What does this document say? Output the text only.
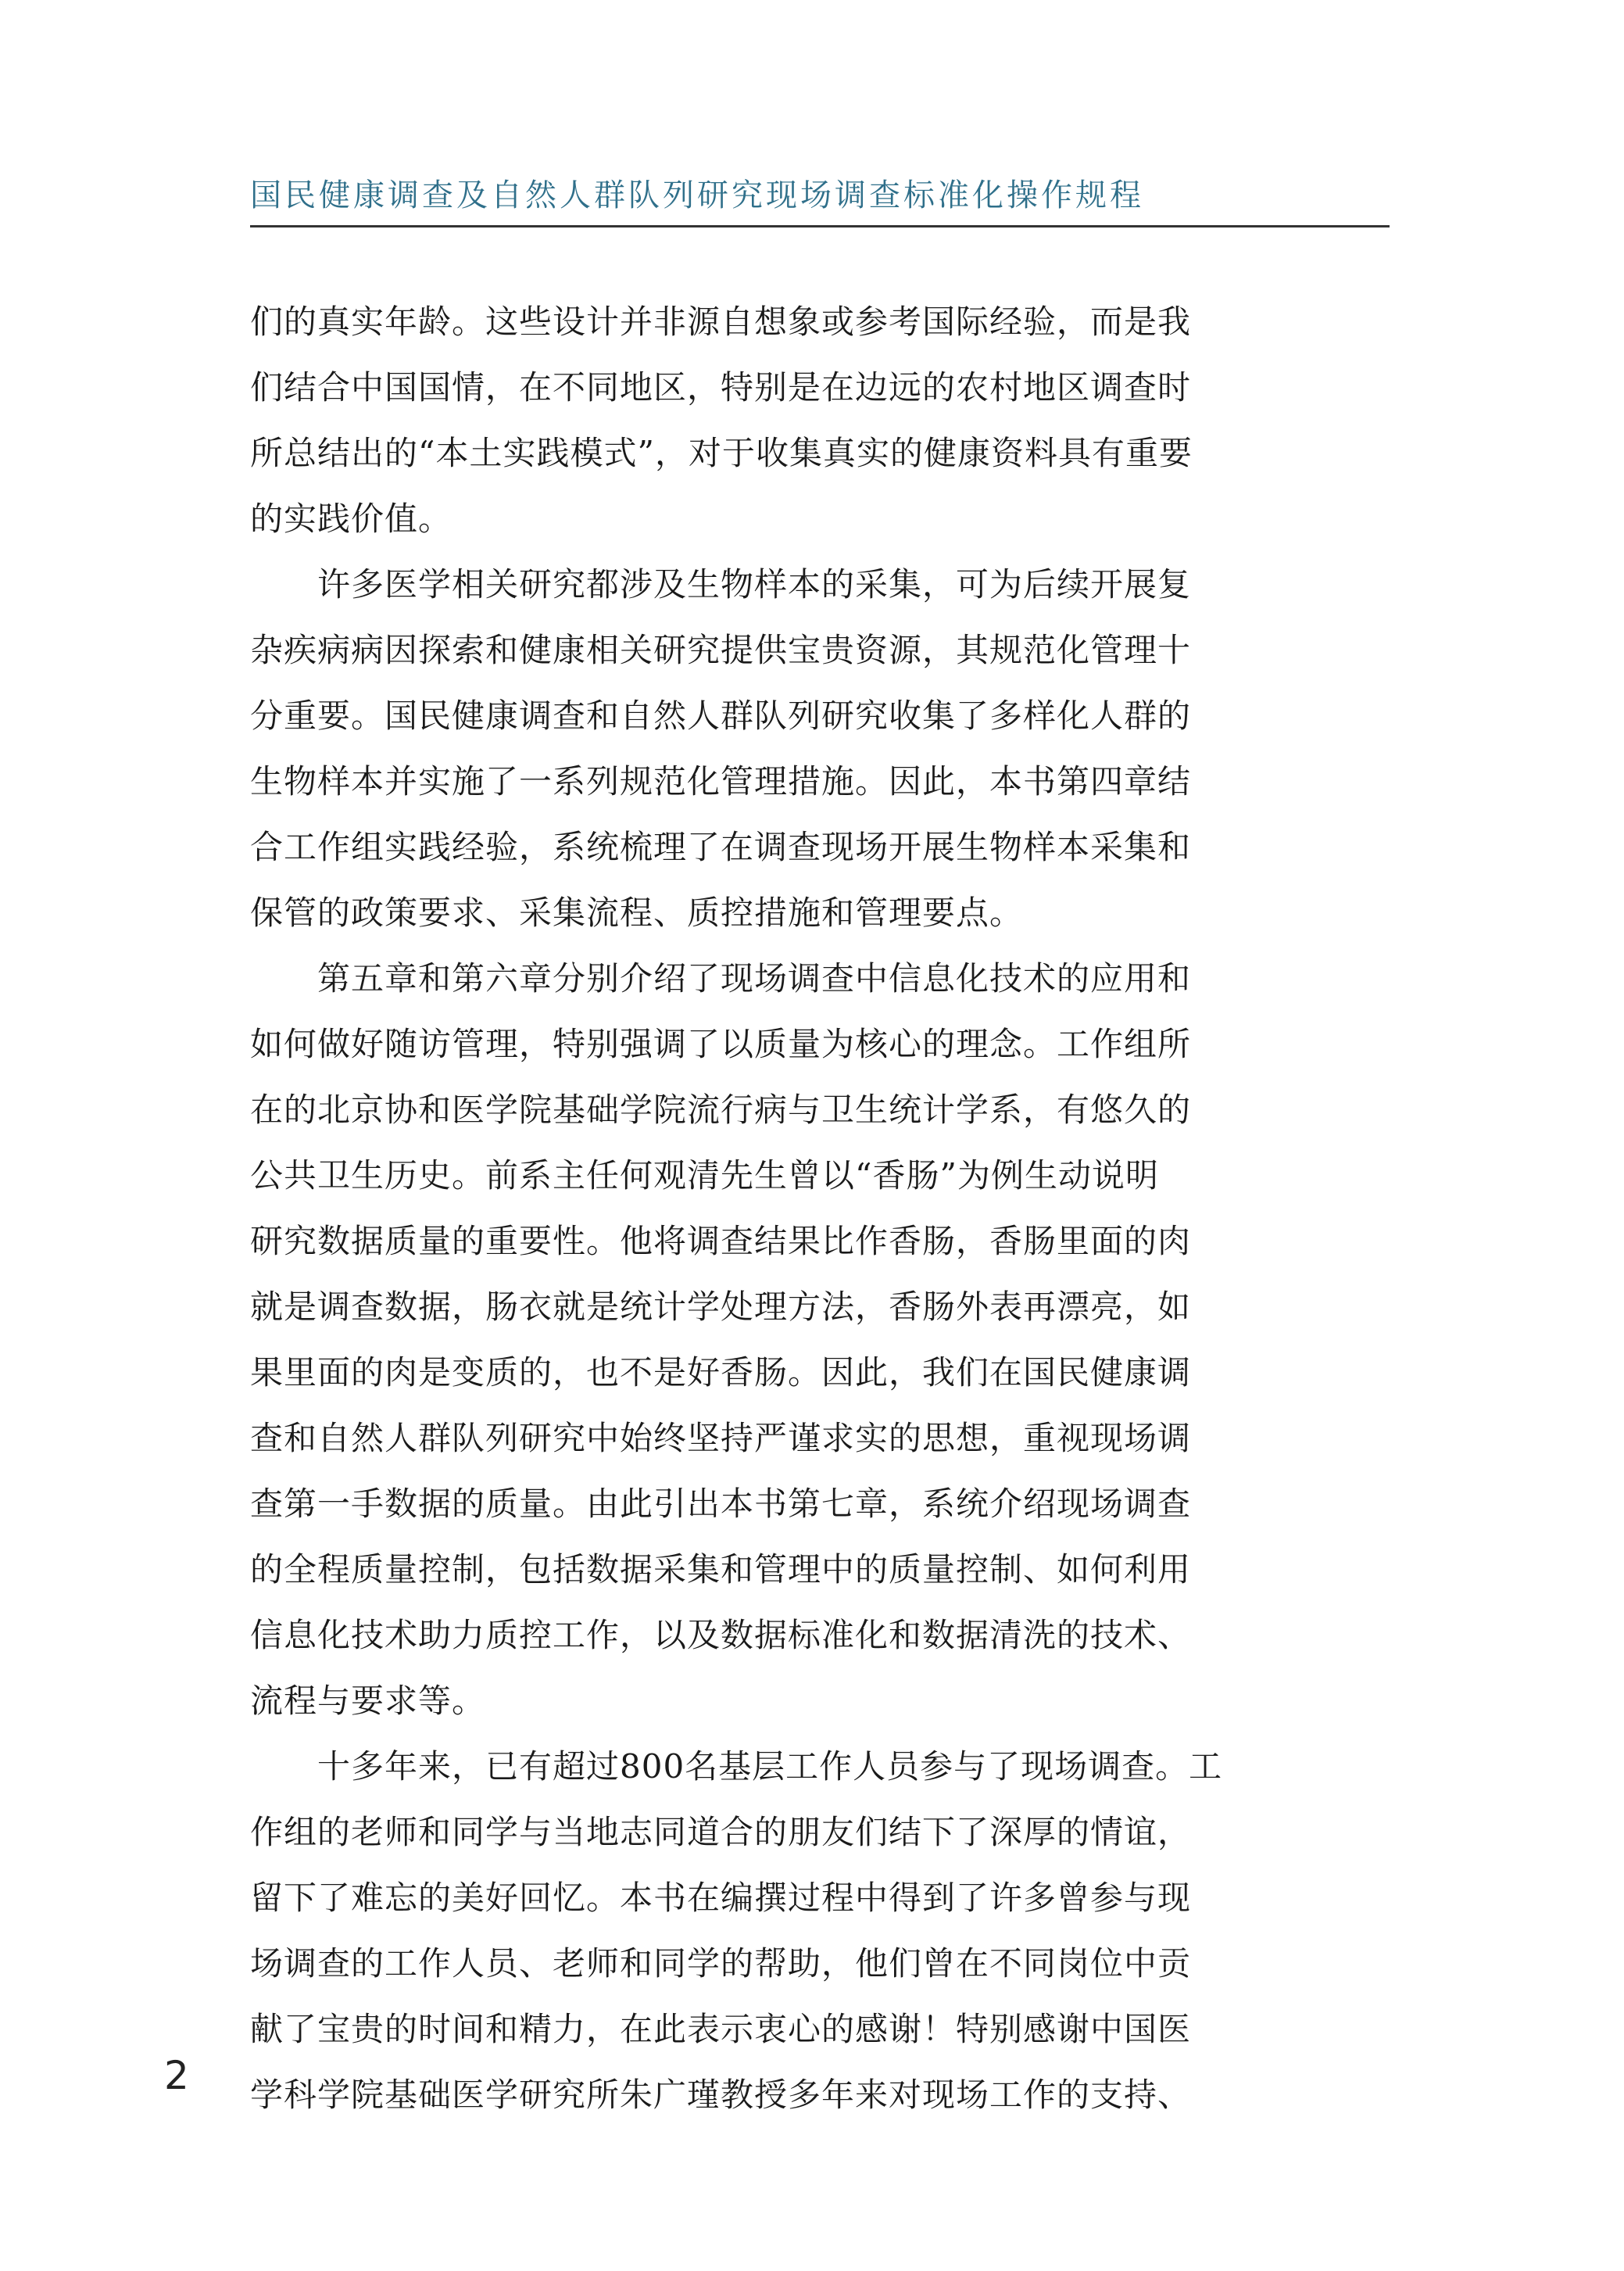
国民健康调查及自然人群队列研究现场调查标准化操作规程
们的真实年龄。这些设计并非源自想象或参考国际经验，而是我
们结合中国国情，在不同地区，特别是在边远的农村地区调查时
所总结出的“本土实践模式”，对于收集真实的健康资料具有重要
的实践价值。
许多医学相关研究都涉及生物样本的采集，可为后续开展复
杂疾病病因探索和健康相关研究提供宝贵资源，其规范化管理十
分重要。国民健康调查和自然人群队列研究收集了多样化人群的
生物样本并实施了一系列规范化管理措施。因此，本书第四章结
合工作组实践经验，系统梳理了在调查现场开展生物样本采集和
保管的政策要求、采集流程、质控措施和管理要点。
第五章和第六章分别介绍了现场调查中信息化技术的应用和
如何做好随访管理，特别强调了以质量为核心的理念。工作组所
在的北京协和医学院基础学院流行病与卫生统计学系，有悠久的
公共卫生历史。前系主任何观清先生曾以“香肠”为例生动说明
研究数据质量的重要性。他将调查结果比作香肠，香肠里面的肉
就是调查数据，肠衣就是统计学处理方法，香肠外表再漂亮，如
果里面的肉是变质的，也不是好香肠。因此，我们在国民健康调
查和自然人群队列研究中始终坚持严谨求实的思想，重视现场调
查第一手数据的质量。由此引出本书第七章，系统介绍现场调查
的全程质量控制，包括数据采集和管理中的质量控制、如何利用
信息化技术助力质控工作，以及数据标准化和数据清洗的技术、
流程与要求等。
十多年来，已有超过800名基层工作人员参与了现场调查。工
作组的老师和同学与当地志同道合的朋友们结下了深厚的情谊，
留下了难忘的美好回忆。本书在编撰过程中得到了许多曾参与现
场调查的工作人员、老师和同学的帮助，他们曾在不同岗位中贡
献了宝贵的时间和精力，在此表示衷心的感谢！特别感谢中国医
学科学院基础医学研究所朱广瑾教授多年来对现场工作的支持、
2
